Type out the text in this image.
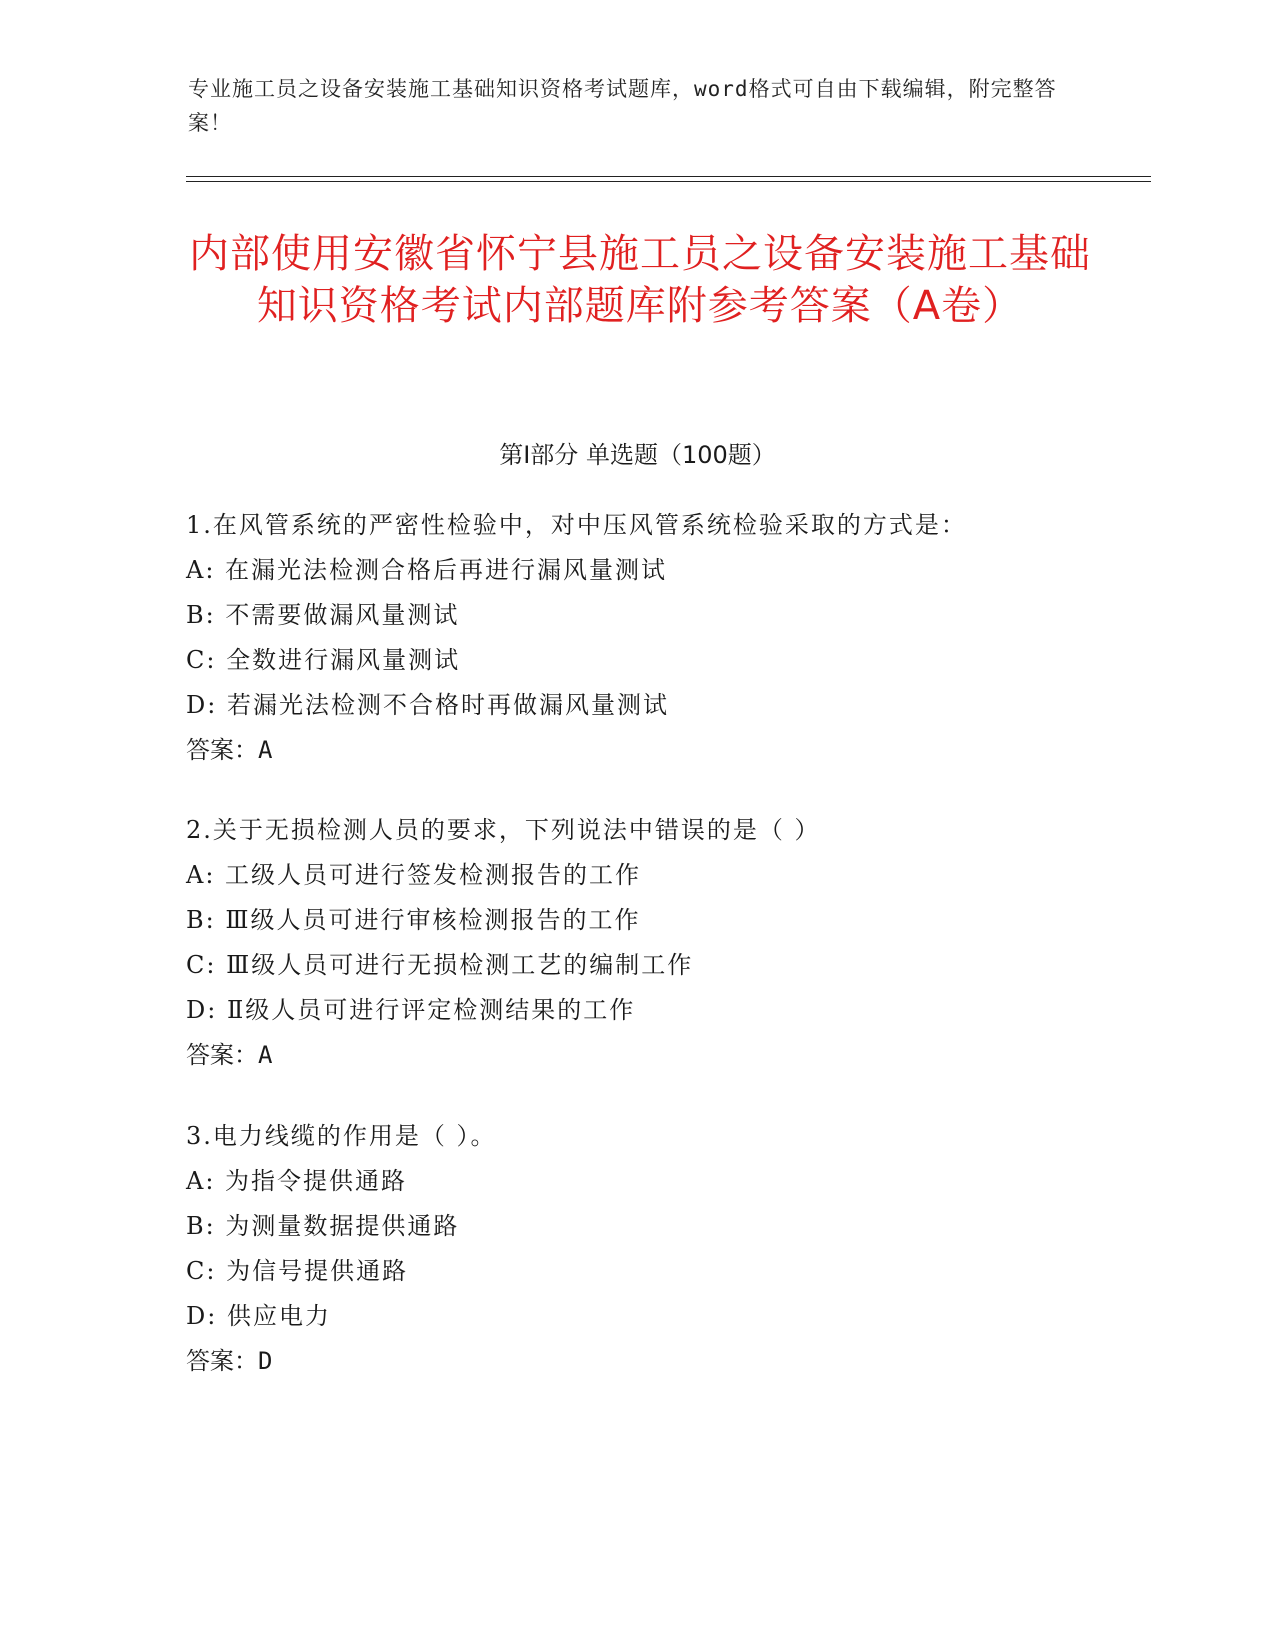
专业施工员之设备安装施工基础知识资格考试题库，word格式可自由下载编辑，附完整答案！
内部使用安徽省怀宁县施工员之设备安装施工基础知识资格考试内部题库附参考答案（A卷）
第Ⅰ部分 单选题（100题）
1.在风管系统的严密性检验中，对中压风管系统检验采取的方式是：
A: 在漏光法检测合格后再进行漏风量测试
B: 不需要做漏风量测试
C: 全数进行漏风量测试
D: 若漏光法检测不合格时再做漏风量测试
答案：A
2.关于无损检测人员的要求，下列说法中错误的是（ ）
A: 工级人员可进行签发检测报告的工作
B: Ⅲ级人员可进行审核检测报告的工作
C: Ⅲ级人员可进行无损检测工艺的编制工作
D: Ⅱ级人员可进行评定检测结果的工作
答案：A
3.电力线缆的作用是（ ）。
A: 为指令提供通路
B: 为测量数据提供通路
C: 为信号提供通路
D: 供应电力
答案：D
